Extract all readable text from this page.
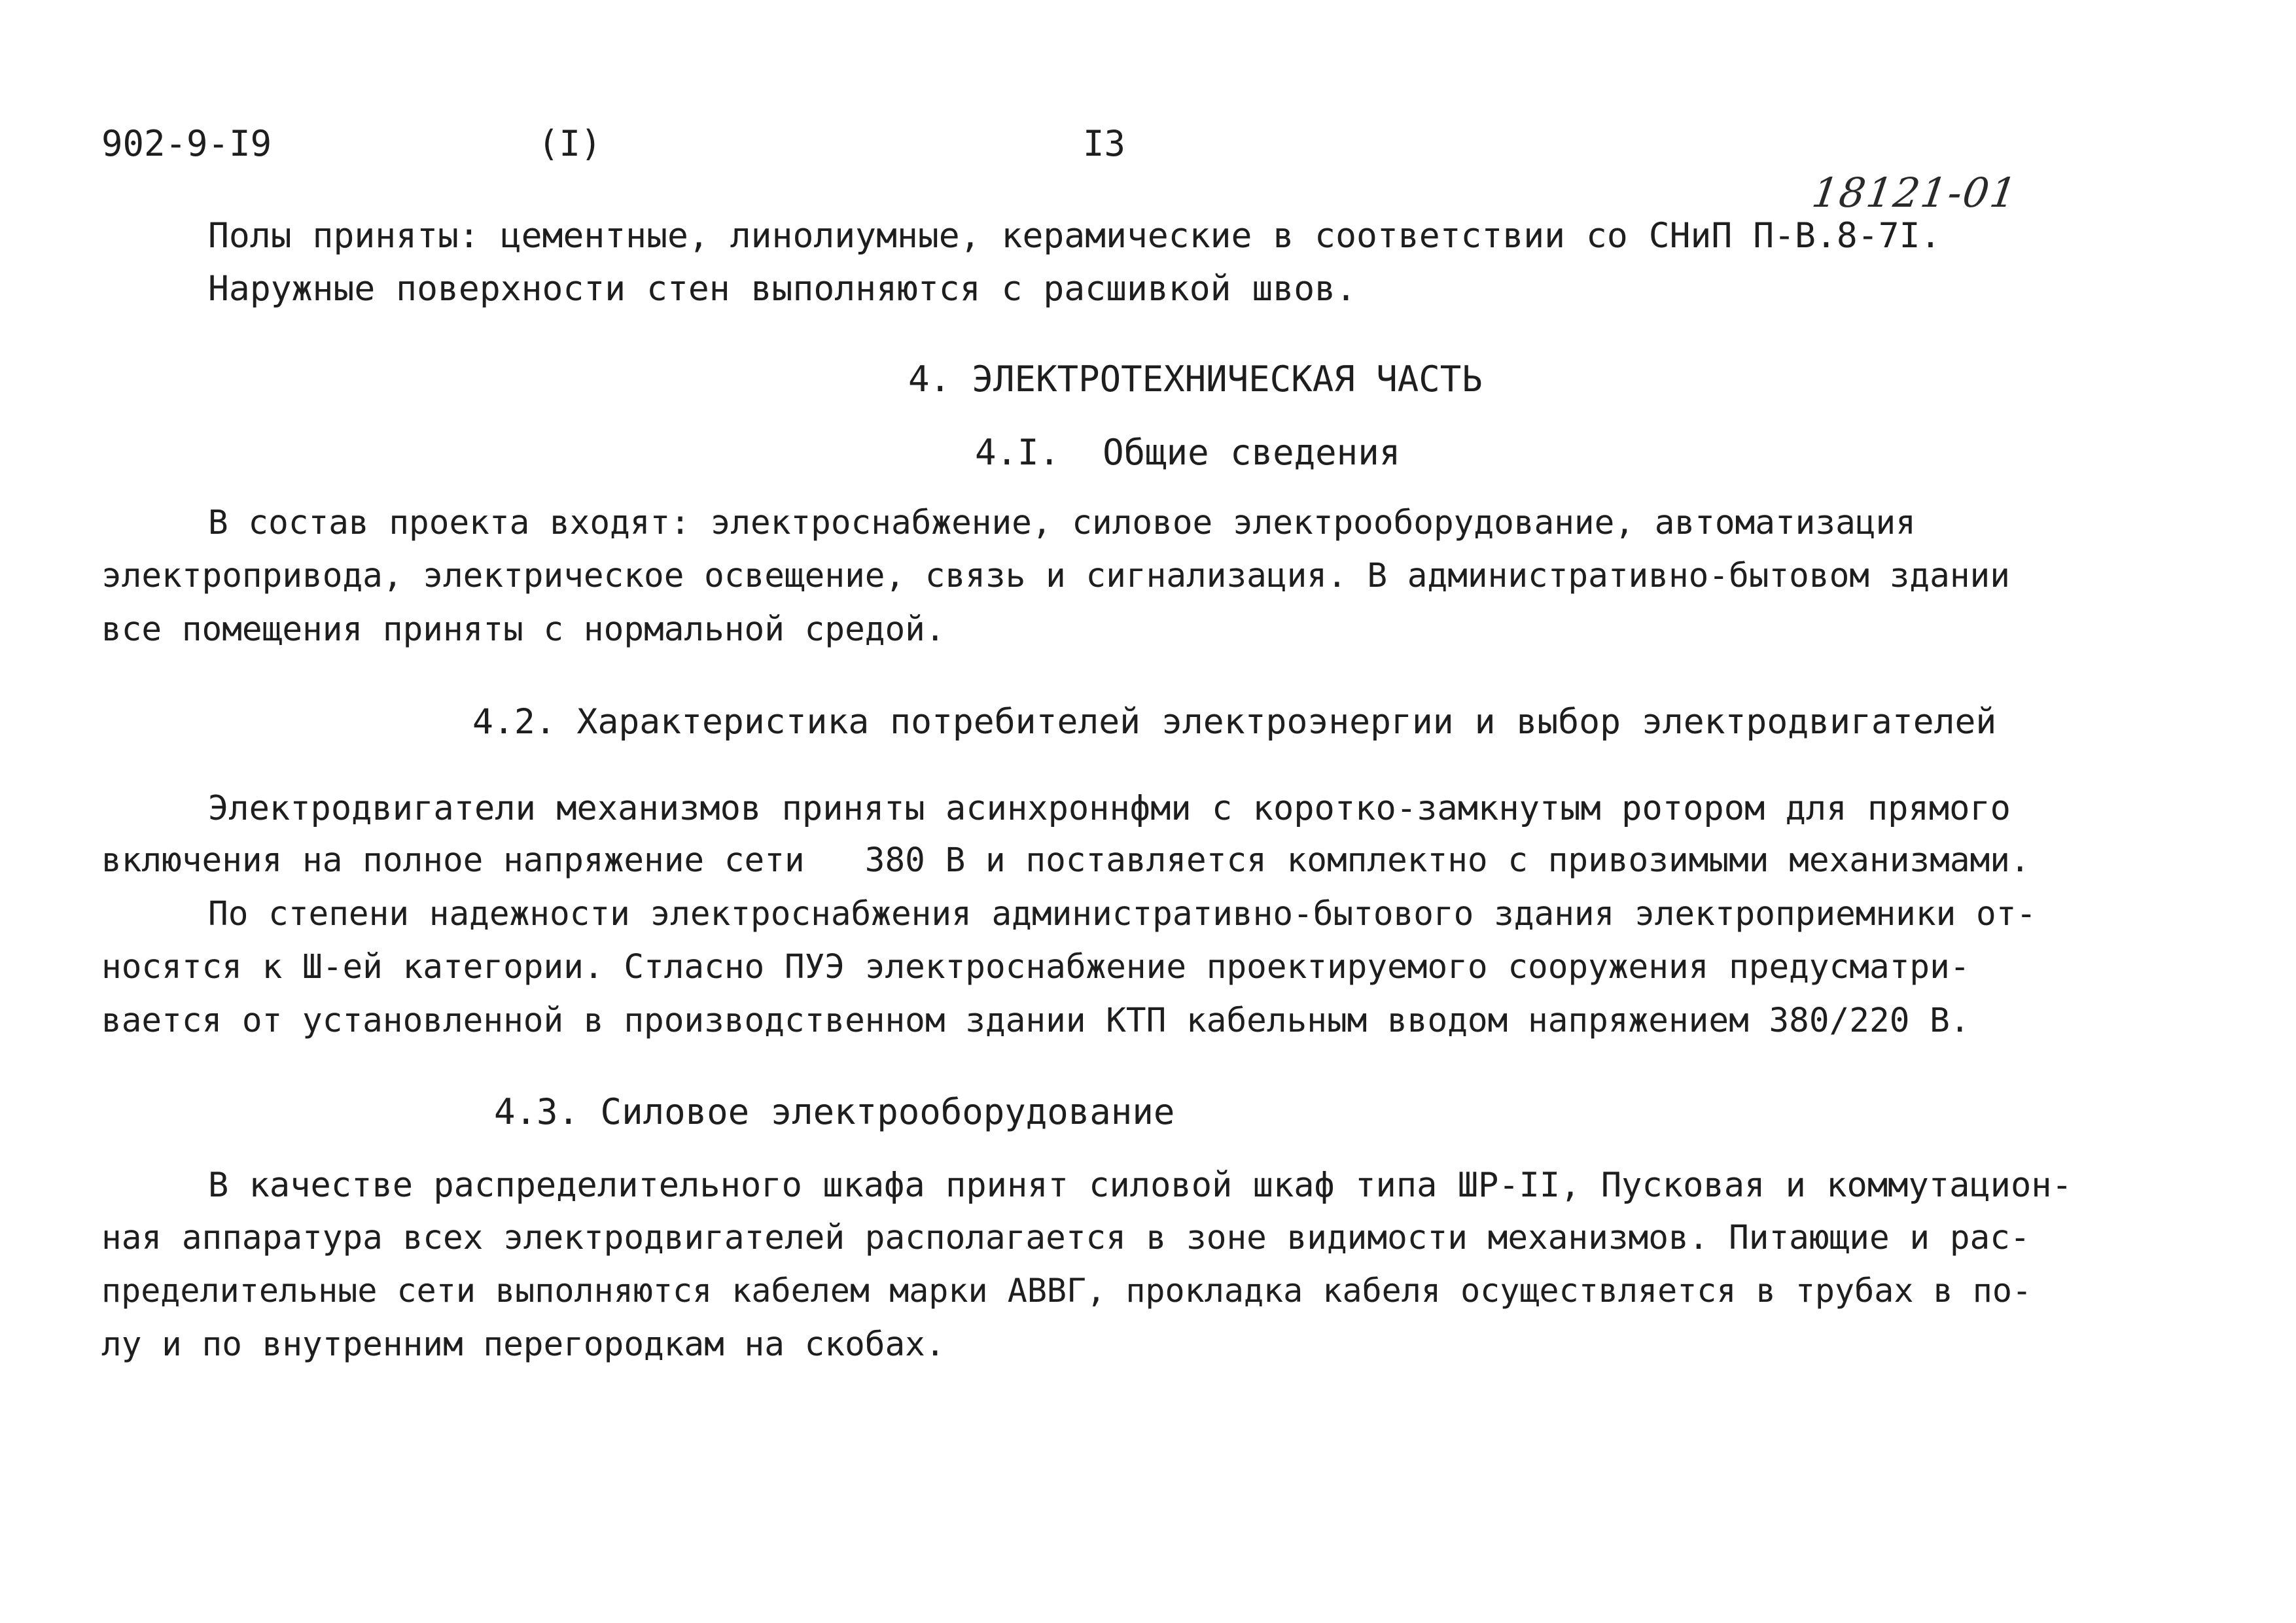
902-9-I9	(I)	I3
18121-01
Полы приняты: цементные, линолиумные, керамические в соответствии со СНиП П-В.8-7I.
Наружные поверхности стен выполняются с расшивкой швов.
4. ЭЛЕКТРОТЕХНИЧЕСКАЯ ЧАСТЬ
4.I.  Общие сведения
В состав проекта входят: электроснабжение, силовое электрооборудование, автоматизация
электропривода, электрическое освещение, связь и сигнализация. В административно-бытовом здании
все помещения приняты с нормальной средой.
4.2. Характеристика потребителей электроэнергии и выбор электродвигателей
Электродвигатели механизмов приняты асинхроннфми с коротко-замкнутым ротором для прямого
включения на полное напряжение сети   380 В и поставляется комплектно с привозимыми механизмами.
По степени надежности электроснабжения административно-бытового здания электроприемники от-
носятся к Ш-ей категории. Стласно ПУЭ электроснабжение проектируемого сооружения предусматри-
вается от установленной в производственном здании КТП кабельным вводом напряжением 380/220 В.
4.3. Силовое электрооборудование
В качестве распределительного шкафа принят силовой шкаф типа ШР-II, Пусковая и коммутацион-
ная аппаратура всех электродвигателей располагается в зоне видимости механизмов. Питающие и рас-
пределительные сети выполняются кабелем марки АВВГ, прокладка кабеля осуществляется в трубах в по-
лу и по внутренним перегородкам на скобах.
